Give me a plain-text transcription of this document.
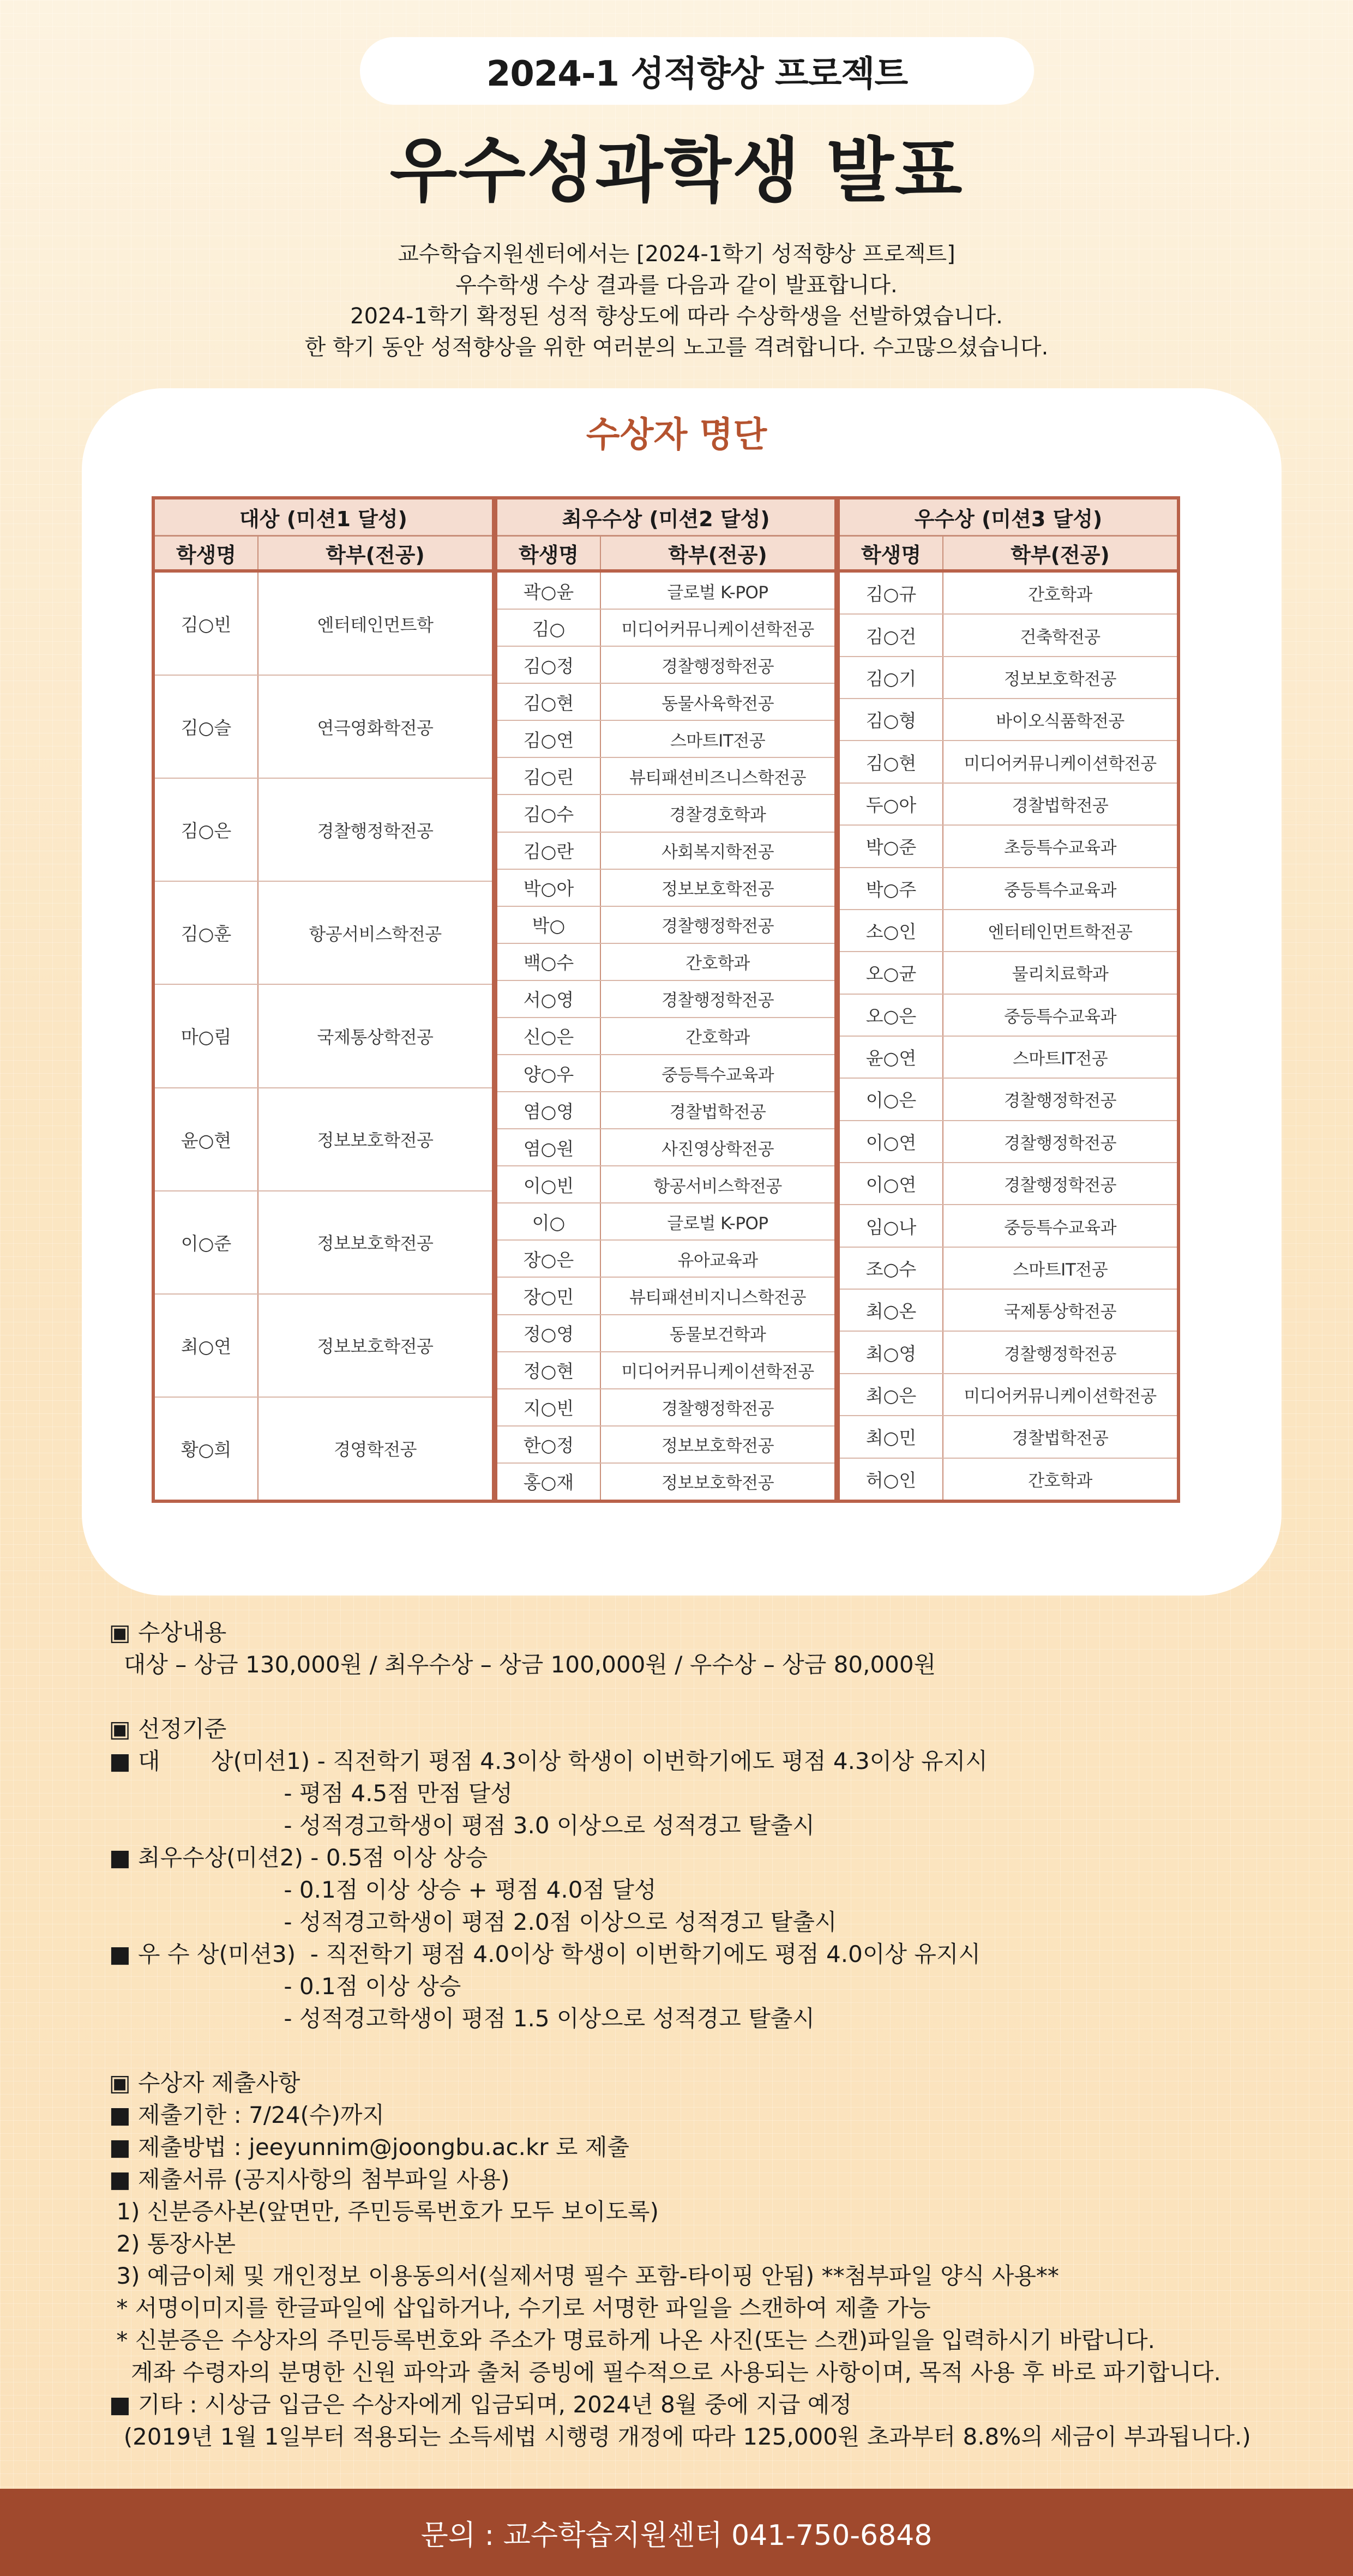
2024-1 성적향상 프로젝트
우수성과학생 발표
교수학습지원센터에서는 [2024-1학기 성적향상 프로젝트]
우수학생 수상 결과를 다음과 같이 발표합니다.
2024-1학기 확정된 성적 향상도에 따라 수상학생을 선발하였습니다.
한 학기 동안 성적향상을 위한 여러분의 노고를 격려합니다. 수고많으셨습니다.
수상자 명단
대상 (미션1 달성)
학생명	학부(전공)
김○빈	엔터테인먼트학
김○슬	연극영화학전공
김○은	경찰행정학전공
김○훈	항공서비스학전공
마○림	국제통상학전공
윤○현	정보보호학전공
이○준	정보보호학전공
최○연	정보보호학전공
황○희	경영학전공
최우수상 (미션2 달성)
학생명	학부(전공)
곽○윤	글로벌 K-POP
김○	미디어커뮤니케이션학전공
김○정	경찰행정학전공
김○현	동물사육학전공
김○연	스마트IT전공
김○린	뷰티패션비즈니스학전공
김○수	경찰경호학과
김○란	사회복지학전공
박○아	정보보호학전공
박○	경찰행정학전공
백○수	간호학과
서○영	경찰행정학전공
신○은	간호학과
양○우	중등특수교육과
염○영	경찰법학전공
염○원	사진영상학전공
이○빈	항공서비스학전공
이○	글로벌 K-POP
장○은	유아교육과
장○민	뷰티패션비지니스학전공
정○영	동물보건학과
정○현	미디어커뮤니케이션학전공
지○빈	경찰행정학전공
한○정	정보보호학전공
홍○재	정보보호학전공
우수상 (미션3 달성)
학생명	학부(전공)
김○규	간호학과
김○건	건축학전공
김○기	정보보호학전공
김○형	바이오식품학전공
김○현	미디어커뮤니케이션학전공
두○아	경찰법학전공
박○준	초등특수교육과
박○주	중등특수교육과
소○인	엔터테인먼트학전공
오○균	물리치료학과
오○은	중등특수교육과
윤○연	스마트IT전공
이○은	경찰행정학전공
이○연	경찰행정학전공
이○연	경찰행정학전공
임○나	중등특수교육과
조○수	스마트IT전공
최○온	국제통상학전공
최○영	경찰행정학전공
최○은	미디어커뮤니케이션학전공
최○민	경찰법학전공
허○인	간호학과
▣ 수상내용
대상 – 상금 130,000원 / 최우수상 – 상금 100,000원 / 우수상 – 상금 80,000원
▣ 선정기준
■ 대       상(미션1) - 직전학기 평점 4.3이상 학생이 이번학기에도 평점 4.3이상 유지시
- 평점 4.5점 만점 달성
- 성적경고학생이 평점 3.0 이상으로 성적경고 탈출시
■ 최우수상(미션2) - 0.5점 이상 상승
- 0.1점 이상 상승 + 평점 4.0점 달성
- 성적경고학생이 평점 2.0점 이상으로 성적경고 탈출시
■ 우 수 상(미션3)  - 직전학기 평점 4.0이상 학생이 이번학기에도 평점 4.0이상 유지시
- 0.1점 이상 상승
- 성적경고학생이 평점 1.5 이상으로 성적경고 탈출시
▣ 수상자 제출사항
■ 제출기한 : 7/24(수)까지
■ 제출방법 : jeeyunnim@joongbu.ac.kr 로 제출
■ 제출서류 (공지사항의 첨부파일 사용)
1) 신분증사본(앞면만, 주민등록번호가 모두 보이도록)
2) 통장사본
3) 예금이체 및 개인정보 이용동의서(실제서명 필수 포함-타이핑 안됨) **첨부파일 양식 사용**
* 서명이미지를 한글파일에 삽입하거나, 수기로 서명한 파일을 스캔하여 제출 가능
* 신분증은 수상자의 주민등록번호와 주소가 명료하게 나온 사진(또는 스캔)파일을 입력하시기 바랍니다.
계좌 수령자의 분명한 신원 파악과 출처 증빙에 필수적으로 사용되는 사항이며, 목적 사용 후 바로 파기합니다.
■ 기타 : 시상금 입금은 수상자에게 입금되며, 2024년 8월 중에 지급 예정
(2019년 1월 1일부터 적용되는 소득세법 시행령 개정에 따라 125,000원 초과부터 8.8%의 세금이 부과됩니다.)
문의 : 교수학습지원센터 041-750-6848
